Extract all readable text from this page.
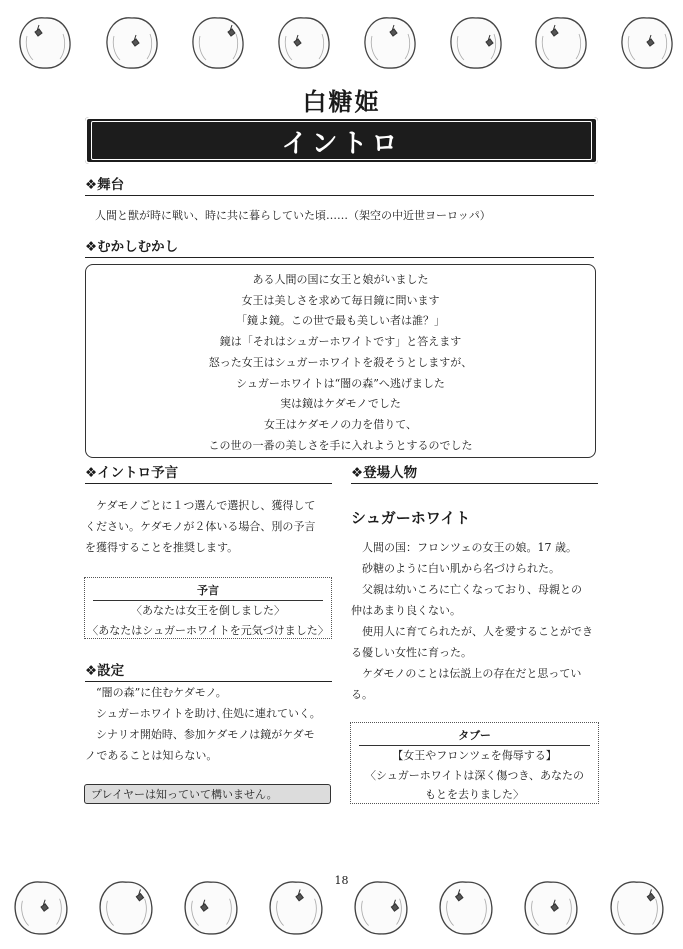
白糖姫
イントロ
❖舞台
人間と獣が時に戦い、時に共に暮らしていた頃……（架空の中近世ヨーロッパ）
❖むかしむかし
ある人間の国に女王と娘がいました
女王は美しさを求めて毎日鏡に問います
「鏡よ鏡。この世で最も美しい者は誰？」
鏡は「それはシュガーホワイトです」と答えます
怒った女王はシュガーホワイトを殺そうとしますが、
シュガーホワイトは“闇の森”へ逃げました
実は鏡はケダモノでした
女王はケダモノの力を借りて、
この世の一番の美しさを手に入れようとするのでした
❖イントロ予言
　ケダモノごとに１つ選んで選択し、獲得して
ください。ケダモノが２体いる場合、別の予言
を獲得することを推奨します。
予言
〈あなたは女王を倒しました〉
〈あなたはシュガーホワイトを元気づけました〉
❖設定
　“闇の森”に住むケダモノ。
　シュガーホワイトを助け､住処に連れていく。
　シナリオ開始時、参加ケダモノは鏡がケダモ
ノであることは知らない。
プレイヤーは知っていて構いません。
❖登場人物
シュガーホワイト
　人間の国：フロンツェの女王の娘。17 歳。
　砂糖のように白い肌から名づけられた。
　父親は幼いころに亡くなっており、母親との
仲はあまり良くない。
　使用人に育てられたが、人を愛することができ
る優しい女性に育った。
　ケダモノのことは伝説上の存在だと思ってい
る。
タブー
【女王やフロンツェを侮辱する】
〈シュガーホワイトは深く傷つき、あなたの
もとを去りました〉
18
